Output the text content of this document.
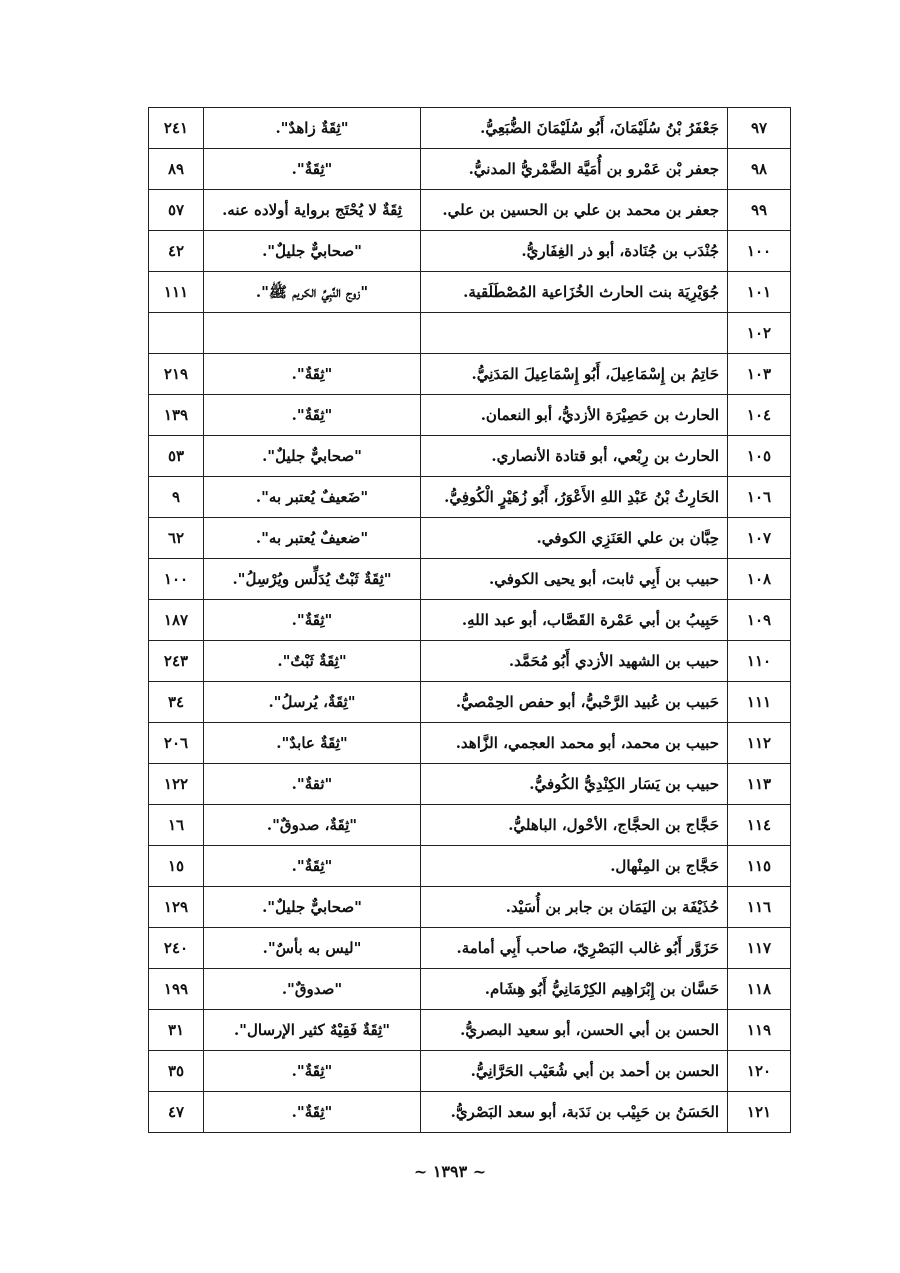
٩٧	جَعْفَرُ بْنُ سُلَيْمَانَ، أَبُو سُلَيْمَانَ الضُّبَعِيُّ.	"ثِقَةٌ زاهدٌ".	٢٤١
٩٨	جعفر بْن عَمْرو بن أُمَيَّة الضَّمْريُّ المدنيُّ.	"ثِقَةٌ".	٨٩
٩٩	جعفر بن محمد بن علي بن الحسين بن علي.	ثِقَةٌ لا يُحْتَج برواية أولاده عنه.	٥٧
١٠٠	جُنْدَب بن جُنَادة، أبو ذر الغِفَاريُّ.	"صحابيٌّ جليلٌ".	٤٢
١٠١	جُوَيْرِيَة بنت الحارث الخُزَاعية المُصْطَلَقية.	"زوج النَّبِيِّ الكريم ﷺ".	١١١
١٠٢			
١٠٣	حَاتِمُ بن إِسْمَاعِيلَ، أَبُو إِسْمَاعِيلَ المَدَنِيُّ.	"ثِقَةٌ".	٢١٩
١٠٤	الحارث بن حَصِيْرَة الأزديُّ، أبو النعمان.	"ثِقَةٌ".	١٣٩
١٠٥	الحارث بن رِبْعي، أبو قتادة الأنصاري.	"صحابيٌّ جليلٌ".	٥٣
١٠٦	الحَارِثُ بْنُ عَبْدِ اللهِ الأَعْوَرُ، أَبُو زُهَيْرٍ الْكُوفِيُّ.	"ضَعيفٌ يُعتبر به".	٩
١٠٧	حِبَّان بن علي العَنَزِي الكوفي.	"ضعيفٌ يُعتبر به".	٦٢
١٠٨	حبيب بن أَبِي ثابت، أبو يحيى الكوفي.	"ثِقَةٌ ثَبْتٌ يُدَلِّس ويُرْسِلُ".	١٠٠
١٠٩	حَبِيبُ بن أبي عَمْرة القَصَّاب، أبو عبد اللهِ.	"ثِقَةٌ".	١٨٧
١١٠	حبيب بن الشهيد الأزدي أَبُو مُحَمَّد.	"ثِقَةٌ ثَبْتٌ".	٢٤٣
١١١	حَبيب بن عُبيد الرَّحْبيُّ، أبو حفص الحِمْصيُّ.	"ثِقَةٌ، يُرسلُ".	٣٤
١١٢	حبيب بن محمد، أبو محمد العجمي، الزَّاهد.	"ثِقَةٌ عابدٌ".	٢٠٦
١١٣	حبيب بن يَسَار الكِنْدِيُّ الكُوفيُّ.	"ثقةٌ".	١٢٢
١١٤	حَجَّاج بن الحجَّاج، الأحْول، الباهليُّ.	"ثِقَةٌ، صدوقٌ".	١٦
١١٥	حَجَّاج بن المِنْهال.	"ثِقَةٌ".	١٥
١١٦	حُذَيْفَة بن اليَمَان بن جابر بن أُسَيْد.	"صحابيٌّ جليلٌ".	١٢٩
١١٧	حَزَوَّر أَبُو غالب البَصْرِيّ، صاحب أَبِي أمامة.	"ليس به بأسٌ".	٢٤٠
١١٨	حَسَّان بن إِبْرَاهِيم الكِرْمَانِيُّ أَبُو هِشَام.	"صدوقٌ".	١٩٩
١١٩	الحسن بن أبي الحسن، أبو سعيد البصريُّ.	"ثِقَةٌ فَقِيْهٌ كثير الإرسال".	٣١
١٢٠	الحسن بن أحمد بن أبي شُعَيْب الحَرَّانِيُّ.	"ثِقَةٌ".	٣٥
١٢١	الحَسَنُ بن حَبِيْب بن نَدَبة، أبو سعد البَصْريُّ.	"ثِقَةٌ".	٤٧
~ ١٣٩٣ ~
